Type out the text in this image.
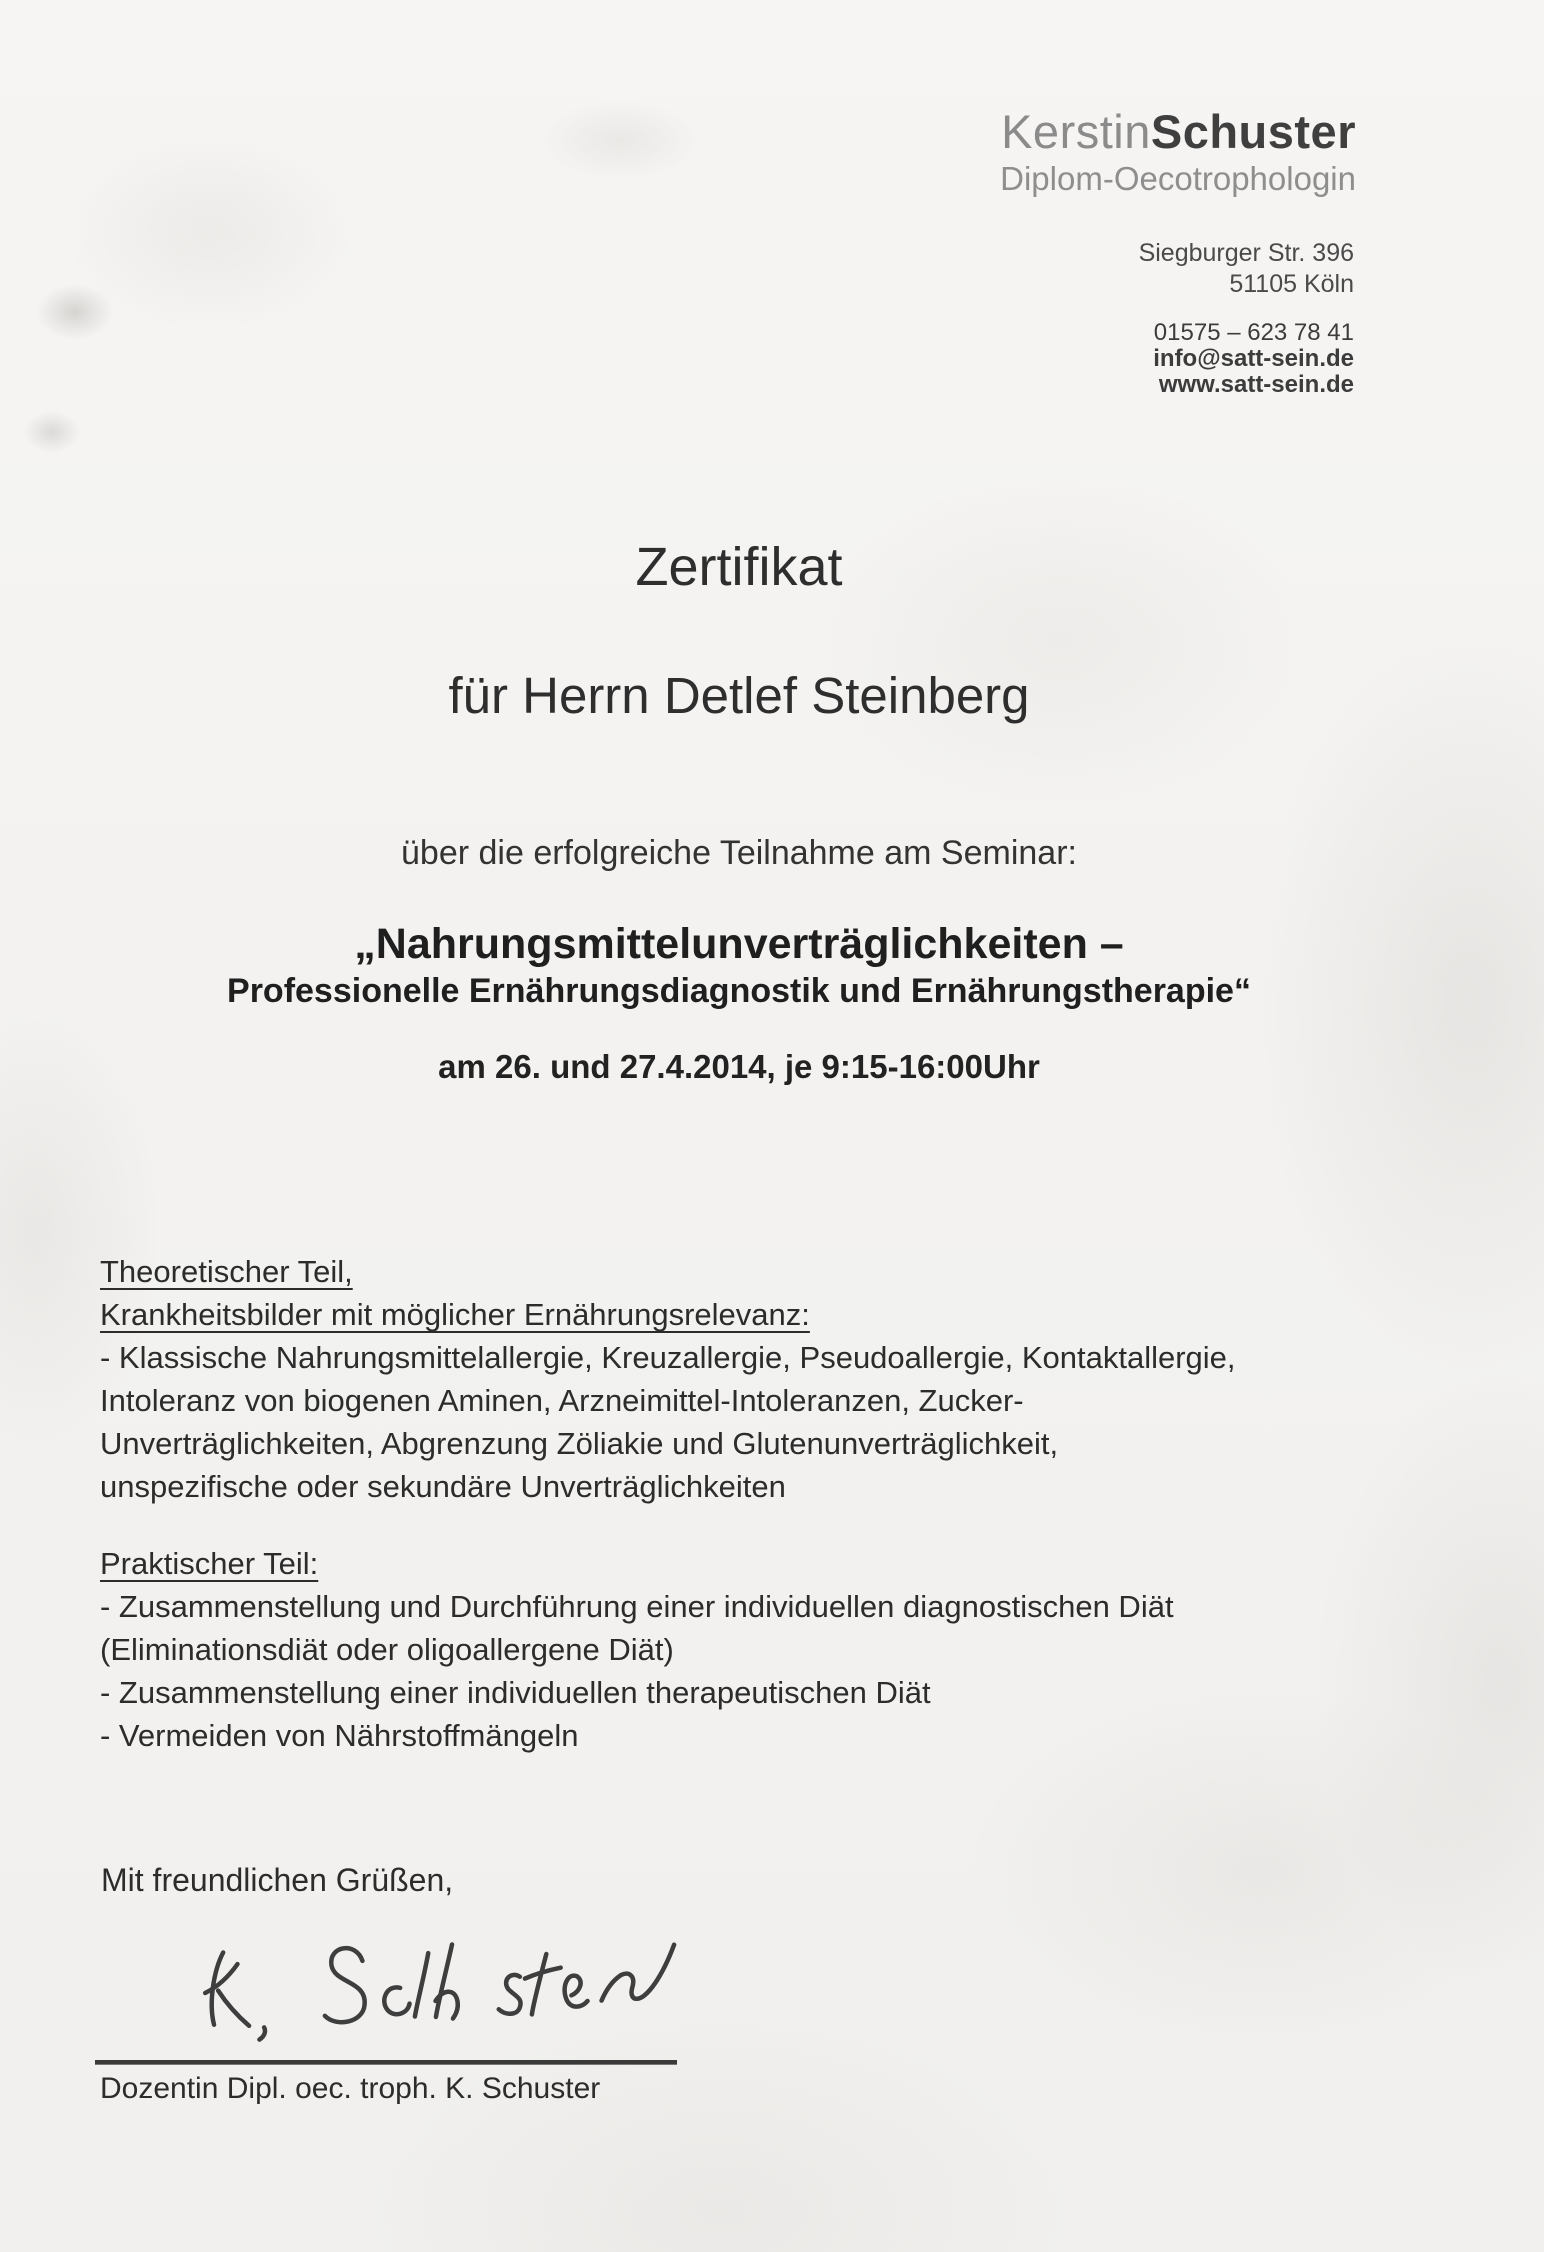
KerstinSchuster
Diplom-Oecotrophologin
Siegburger Str. 396
51105 Köln
01575 – 623 78 41
info@satt-sein.de
www.satt-sein.de
Zertifikat
für Herrn Detlef Steinberg
über die erfolgreiche Teilnahme am Seminar:
„Nahrungsmittelunverträglichkeiten –
Professionelle Ernährungsdiagnostik und Ernährungstherapie“
am 26. und 27.4.2014, je 9:15-16:00Uhr
Theoretischer Teil,
Krankheitsbilder mit möglicher Ernährungsrelevanz:
- Klassische Nahrungsmittelallergie, Kreuzallergie, Pseudoallergie, Kontaktallergie,
Intoleranz von biogenen Aminen, Arzneimittel-Intoleranzen, Zucker-
Unverträglichkeiten, Abgrenzung Zöliakie und Glutenunverträglichkeit,
unspezifische oder sekundäre Unverträglichkeiten
Praktischer Teil:
- Zusammenstellung und Durchführung einer individuellen diagnostischen Diät
(Eliminationsdiät oder oligoallergene Diät)
- Zusammenstellung einer individuellen therapeutischen Diät
- Vermeiden von Nährstoffmängeln
Mit freundlichen Grüßen,
Dozentin Dipl. oec. troph. K. Schuster
